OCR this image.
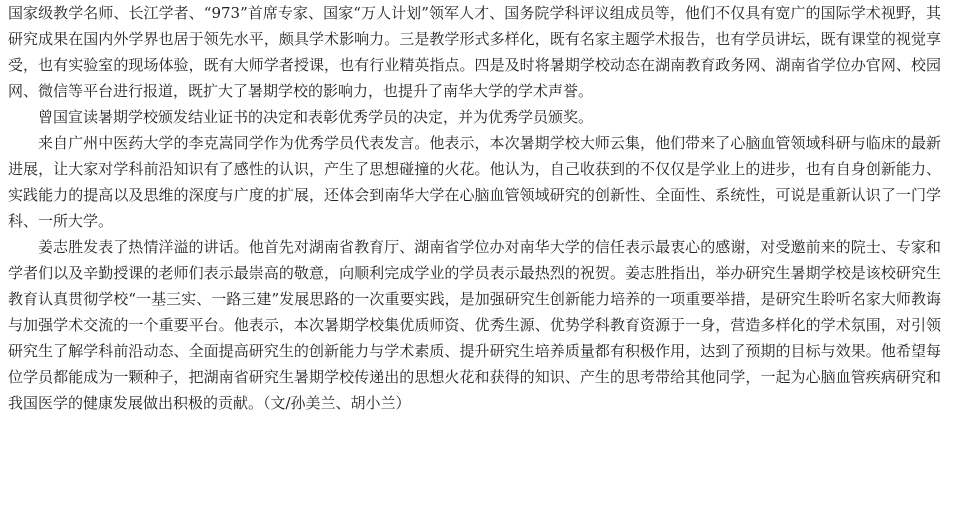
国家级教学名师、长江学者、“973”首席专家、国家“万人计划”领军人才、国务院学科评议组成员等，他们不仅具有宽广的国际学术视野，其研究成果在国内外学界也居于领先水平，颇具学术影响力。三是教学形式多样化，既有名家主题学术报告，也有学员讲坛，既有课堂的视觉享受，也有实验室的现场体验，既有大师学者授课，也有行业精英指点。四是及时将暑期学校动态在湖南教育政务网、湖南省学位办官网、校园网、微信等平台进行报道，既扩大了暑期学校的影响力，也提升了南华大学的学术声誉。

曾国宣读暑期学校颁发结业证书的决定和表彰优秀学员的决定，并为优秀学员颁奖。

来自广州中医药大学的李克嵩同学作为优秀学员代表发言。他表示，本次暑期学校大师云集，他们带来了心脑血管领域科研与临床的最新进展，让大家对学科前沿知识有了感性的认识，产生了思想碰撞的火花。他认为，自己收获到的不仅仅是学业上的进步，也有自身创新能力、实践能力的提高以及思维的深度与广度的扩展，还体会到南华大学在心脑血管领域研究的创新性、全面性、系统性，可说是重新认识了一门学科、一所大学。

姜志胜发表了热情洋溢的讲话。他首先对湖南省教育厅、湖南省学位办对南华大学的信任表示最衷心的感谢，对受邀前来的院士、专家和学者们以及辛勤授课的老师们表示最崇高的敬意，向顺利完成学业的学员表示最热烈的祝贺。姜志胜指出，举办研究生暑期学校是该校研究生教育认真贯彻学校“一基三实、一路三建”发展思路的一次重要实践，是加强研究生创新能力培养的一项重要举措，是研究生聆听名家大师教诲与加强学术交流的一个重要平台。他表示，本次暑期学校集优质师资、优秀生源、优势学科教育资源于一身，营造多样化的学术氛围，对引领研究生了解学科前沿动态、全面提高研究生的创新能力与学术素质、提升研究生培养质量都有积极作用，达到了预期的目标与效果。他希望每位学员都能成为一颗种子，把湖南省研究生暑期学校传递出的思想火花和获得的知识、产生的思考带给其他同学，一起为心脑血管疾病研究和我国医学的健康发展做出积极的贡献。（文/孙美兰、胡小兰）
